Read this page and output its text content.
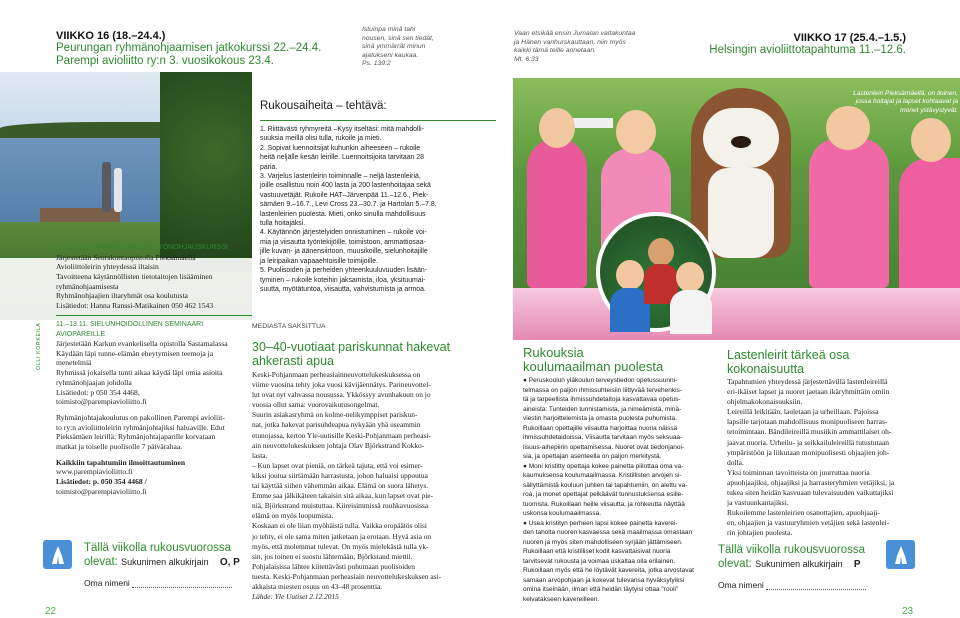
VIIKKO 16 (18.–24.4.)
Peurungan ryhmänohjaamisen jatkokurssi 22.–24.4.
Parempi avioliitto ry:n 3. vuosikokous 23.4.
Istuinpa minä tahi
nousen, sinä sen tiedät,
sinä ymmärrät minun
ajatukseni kaukaa.
Ps. 139:2
Vaan etsikää ensin Jumalan valtakuntaa
ja Hänen vanhurskauttaan, niin myös
kaikki tämä teille annetaan.
Mt. 6:33
VIIKKO 17 (25.4.–1.5.)
Helsingin avioliittotapahtuma 11.–12.6.
OLLI KORKEILA
8.–15.7. RYHMÄNOHJAAJIEN TYÖNOHJAUSKURSSI
Järjestetään Seurakuntaopistolla Pieksämäellä
Avioliittoleirin yhteydessä iltaisin
Tavoitteena käytännöllisten tietotaitojen lisääminen
ryhmänohjaamisesta
Ryhmänohjaajien iltaryhmät osa koulutusta
Lisätiedot: Hanna Ranssi-Matikainen 050 462 1543
11.–13.11. SIELUNHOIDOLLINEN SEMINAARI
AVIOPAREILLE
Järjestetään Karkun evankelisella opistolla Sastamalassa
Käydään läpi tunne-elämän eheytymisen teemoja ja
menetelmiä
Ryhmissä jokaisella tunti aikaa käydä läpi omia asioita
ryhmänohjaajan johdolla
Lisätiedot: p 050 354 4468,
toimisto@parempiavioliitto.fi
Ryhmänjohtajakoulutus on pakollinen Parempi avioliit-
to ry:n avioliittoleirin ryhmänjohtajiksi haluaville. Edut
Pieksämäen leirillä: Ryhmänjohtajaparille korvataan
matkat ja toiselle puolisolle 7 päivärahaa.
Kaikkiin tapahtumiin ilmoittautuminen
www.parempiavioliitto.fi
Lisätiedot: p. 050 354 4468 /
toimisto@parempiavioliitto.fi
Rukousaiheita – tehtävä:
1. Riittävästi ryhmyreitä –Kysy itseltäsi: mitä mahdolli-
suuksia meillä olisi tulla, rukoile ja mieti.
2. Sopivat luennoitsijat kuhunkin aiheeseen – rukoile
heitä neljälle kesän leirille. Luennoitsijoita tarvitaan 28
paria.
3. Varjelus lastenleirin toiminnalle – neljä lastenleiriä,
joille osallistuu noin 400 lasta ja 200 lastenhoitajaa sekä
vastuuvetäjät. Rukoile HAT–Järvenpää 11.–12.6., Piek-
sämäen 9.–16.7., Levi Cross 23.–30.7. ja Hartolan 5.–7.8.
lastenleirien puolesta. Mieti, onko sinulla mahdollisuus
tulla hoitajaksi.
4. Käytännön järjestelyiden onnistuminen – rukoile voi-
mia ja viisautta työntekijöille, toimistoon, ammattiosaa-
jille kuvan- ja äänensiirtoon, muusikoille, sielunhoitajille
ja leiripaikan vapaaehtoisille toimijoille.
5. Puolisoiden ja perheiden yhteenkuuluvuuden lisään-
tyminen – rukoile koteihin jaksamista, iloa, yksituumai-
suutta, myötätuntoa, viisautta, vahvistumista ja armoa.
MEDIASTA SAKSITTUA
30–40-vuotiaat pariskunnat hakevat
ahkerasti apua
Keski-Pohjanmaan perheasiainneuvottelukeskuksessa on
viime vuosina tehty joka vuosi kävijäennätys. Parineuvottel-
lut ovat nyt vahvassa nousussa. Ykkössyy avunhakuun on jo
vuosia ollut sama: vuorovaikutusongelmat.
Suurin asiakasryhmä on kolme-nelikymppiset pariskun-
nat, jotka hakevat parisuhdeapua nykyään yhä useammin
etunojassa, kertoo Yle-uutisille Keski-Pohjanmaan perheasi-
ain neuvottelukeskuksen johtaja Olav Björkstrand Kokko-
lasta.
– Kun lapset ovat pieniä, on tärkeä tajuta, että voi esimer-
kiksi joutua siirtämään harrastusta, johon haluaisi uppoutua
tai käyttää siihen vähemmän aikaa. Elämä on suora lähetys.
Emme saa jälkikäteen takaisin sitä aikaa, kun lapset ovat pie-
niä, Björkstrand muistuttaa. Kiireisimmissä ruuhkavuosissa
elämä on myös luopumista.
Koskaan ei ole liian myöhäistä tulla. Vaikka eropäätös olisi
jo tehty, ei ole sama miten jatketaan ja erotaan. Hyvä asia on
myös, että molemmat tulevat. On myös mielekästä tulla yk-
sin, jos toinen ei suostu lähtemään, Björkstand miettii.
Pohjalaisissa lähtee kiitettävästi puhumaan puolisoiden
tuesta. Keski-Pohjanmaan perheasiain neuvottelukeskuksen asi-
akkaista miesten osuus on 43–48 prosenttia.
Lähde: Yle Uutiset 2.12.2015
Lastenleiri Pieksämäellä, on iloinen,
jossa hoitajat ja lapset kohtaavat ja
monet ystävystyvät.
KUVAT HARRI JOKI
Rukouksia
koulumaailman puolesta
● Peruskoulun yläkoulun terveystiedon opetussuunni-
telmassa on paljon ihmissuhteisiin liittyvää tervehenkis-
tä ja tarpeellista ihmissuhdetaitoja kasvattavaa opetus-
aineista: Tunteiden tunnistamista, ja nimeämistä, minä-
viestin harjoittelemista ja omasta puolesta puhumista.
Rukoillaan opettajille viisautta harjoittaa nuoria näissä
ihmissuhdetaidoissa. Viisautta tarvitaan myös seksuaa-
lisuus-aihepiirin opettamisessa. Nuoret ovat tiedonjanoi-
sia, ja opettajan asenteella on paljon merkitystä.
● Moni kristitty opettaja kokee painetta piilottaa oma va-
kaumuksensa koulumaailmassa. Kristillisten arvojen si-
sällyttämistä kouluun juhlien tai tapahtumiin, on alettu va-
roa, ja monet opettajat pelkäävät tunnustuksensa esille-
tuomista. Rukoillaan heille viisautta, ja rohkeutta näyttää
uskonsa koulumaailmassa.
● Usea kristityn perheen lapsi kokee painetta kaverei-
den taholta nuoren kasvaessa sekä maailmassa omastaan
nuoren ja myös siten mahdolliseen syrjään jättämiseen.
Rukoillaan että kristilliset kodit kasvattaisivat nuoria
tarvitsevat rukousta ja voimaa uskaltaa olla erilainen.
Rukoillaan myös että he löytävät kavereita, jotka arvostavat
samaan arvopohjaan ja kokevat tulevansa hyväksytyiksi
omina itseinään, ilman että heidän täytyisi ottaa "rooli"
kelvatakseen kavereilleen.
Lastenleirit tärkeä osa
kokonaisuutta
Tapahtumien yhteydessä järjestettävillä lastenleireillä
eri-ikäiset lapset ja nuoret jaetaan ikäryhmittäin omiin
ohjelmakokonaisuuksiin.
Leireillä leikitään, lauletaan ja urheillaan. Pajoissa
lapsille tarjotaan mahdollisuus monipuoliseen harras-
tetoimintaan. Bändileireillä musiikin ammattilaiset oh-
jaavat nuoria. Urheilu- ja seikkailuleireillä tutustutaan
ympäristöön ja liikutaan monipuolisesti ohjaajien joh-
dolla.
Yksi toiminnan tavoitteista on juurruttaa nuoria
apuohjaajiksi, ohjaajiksi ja harrasteryhmien vetäjiksi, ja
tukea siten heidän kasvuaan tulevaisuuden vaikuttajiksi
ja vastuunkantajiksi.
Rukoilemme lastenleirien osanottajien, apuohjaaji-
en, ohjaajien ja vastuuryhmien vetäjien sekä lastenlei-
rin johtajien puolesta.
Tällä viikolla rukousvuorossa
olevat: Sukunimen alkukirjain O, P
Oma nimeni
Tällä viikolla rukousvuorossa
olevat: Sukunimen alkukirjain P
Oma nimeni
22	23
